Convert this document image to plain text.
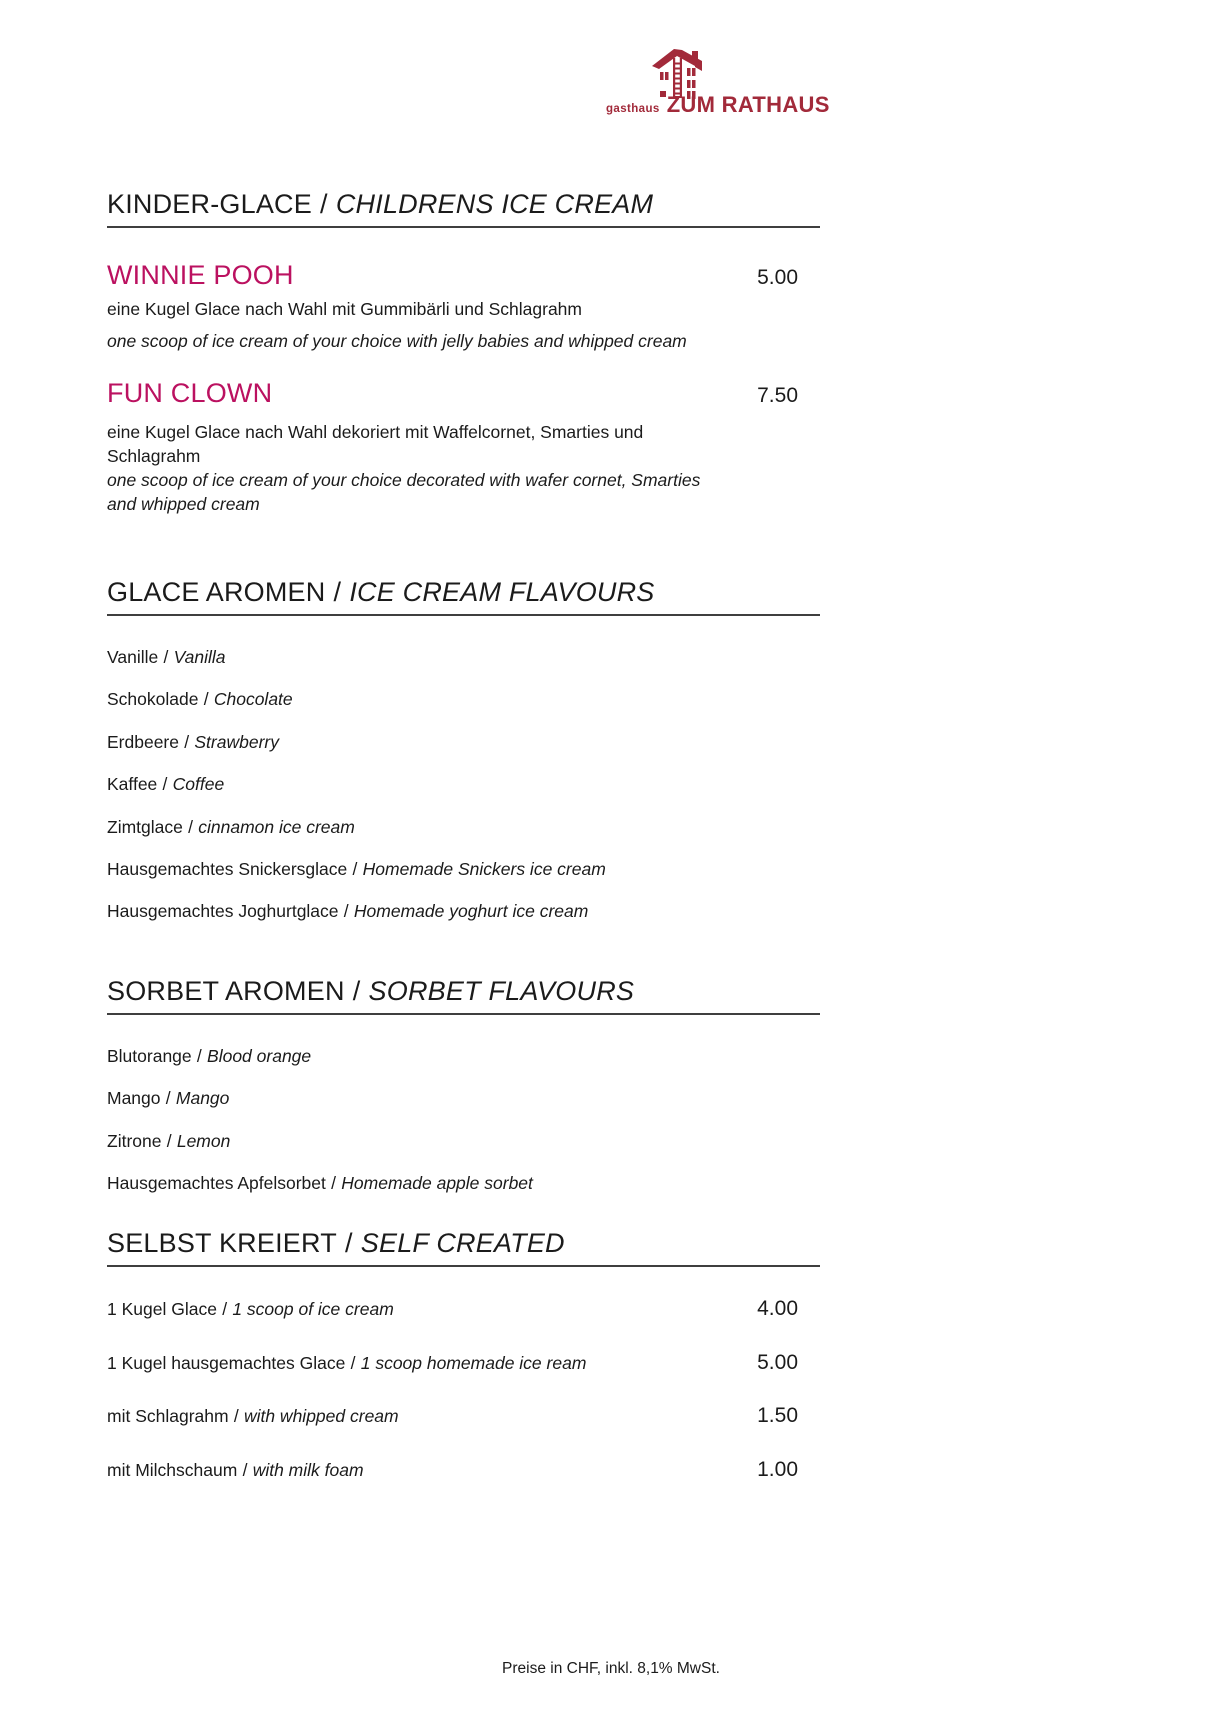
gasthaus ZUM RATHAUS
KINDER-GLACE / CHILDRENS ICE CREAM
WINNIE POOH	5.00
eine Kugel Glace nach Wahl mit Gummibärli und Schlagrahm
one scoop of ice cream of your choice with jelly babies and whipped cream
FUN CLOWN	7.50
eine Kugel Glace nach Wahl dekoriert mit Waffelcornet, Smarties und Schlagrahm
one scoop of ice cream of your choice decorated with wafer cornet, Smarties and whipped cream
GLACE AROMEN / ICE CREAM FLAVOURS
Vanille / Vanilla
Schokolade / Chocolate
Erdbeere / Strawberry
Kaffee / Coffee
Zimtglace / cinnamon ice cream
Hausgemachtes Snickersglace / Homemade Snickers ice cream
Hausgemachtes Joghurtglace / Homemade yoghurt ice cream
SORBET AROMEN / SORBET FLAVOURS
Blutorange / Blood orange
Mango / Mango
Zitrone / Lemon
Hausgemachtes Apfelsorbet / Homemade apple sorbet
SELBST KREIERT / SELF CREATED
1 Kugel Glace / 1 scoop of ice cream	4.00
1 Kugel hausgemachtes Glace / 1 scoop homemade ice ream	5.00
mit Schlagrahm / with whipped cream	1.50
mit Milchschaum / with milk foam	1.00
Preise in CHF, inkl. 8,1% MwSt.
